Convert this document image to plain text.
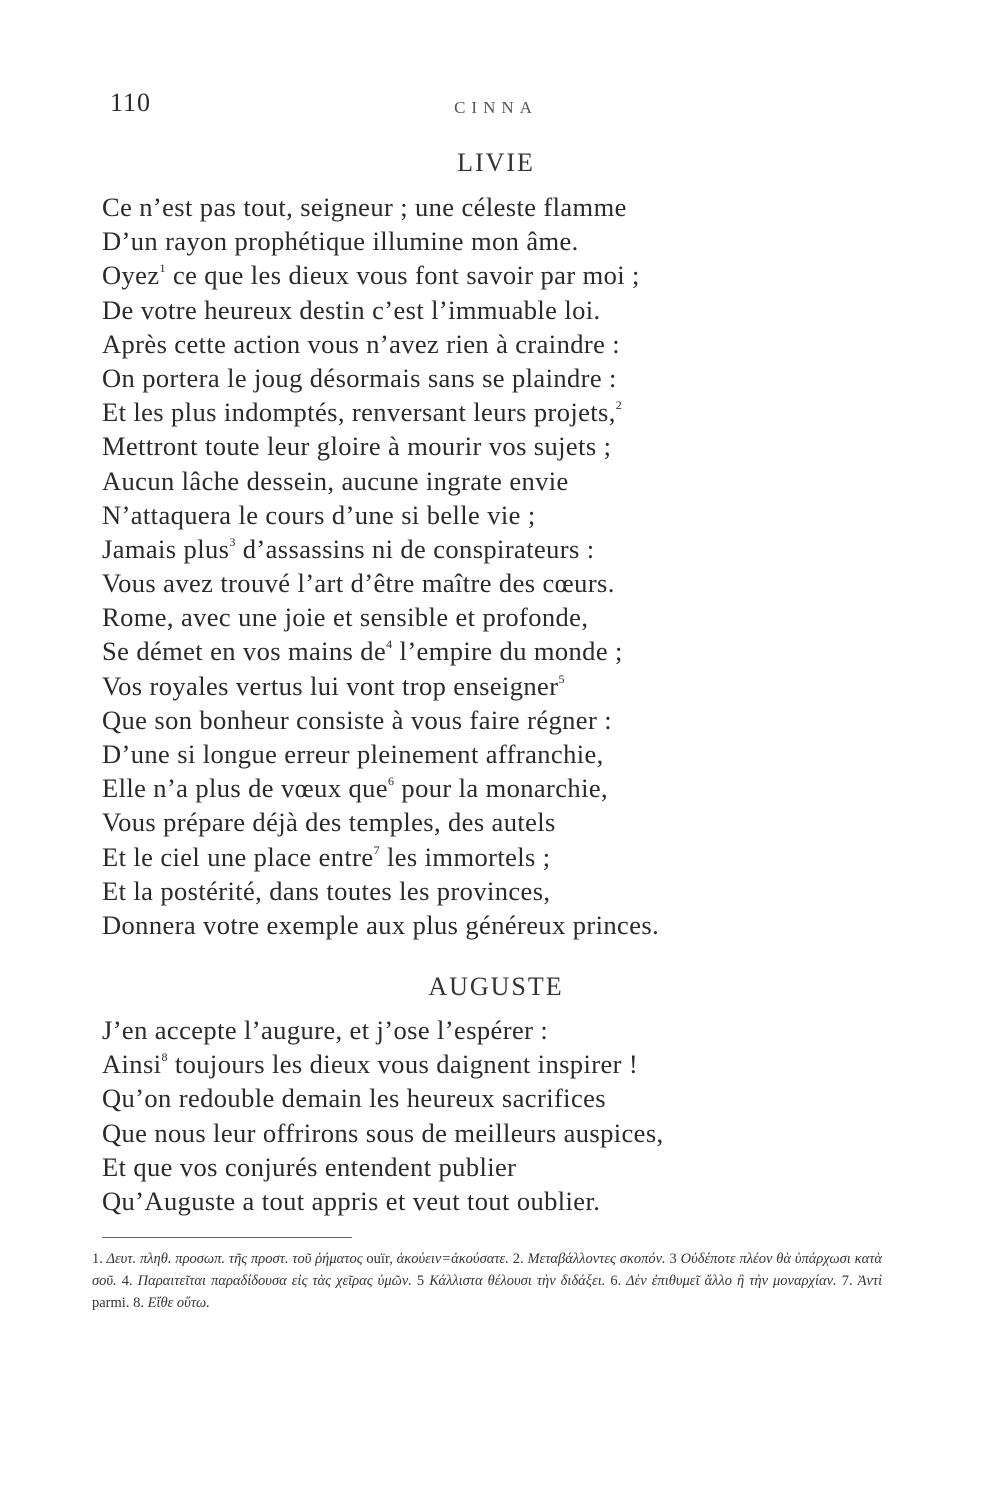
110	CINNA
LIVIE
Ce n’est pas tout, seigneur ; une céleste flamme
D’un rayon prophétique illumine mon âme.
Oyez$^1$ ce que les dieux vous font savoir par moi ;
De votre heureux destin c’est l’immuable loi.
Après cette action vous n’avez rien à craindre :
On portera le joug désormais sans se plaindre :
Et les plus indomptés, renversant leurs projets,$^2$
Mettront toute leur gloire à mourir vos sujets ;
Aucun lâche dessein, aucune ingrate envie
N’attaquera le cours d’une si belle vie ;
Jamais plus$^3$ d’assassins ni de conspirateurs :
Vous avez trouvé l’art d’être maître des cœurs.
Rome, avec une joie et sensible et profonde,
Se démet en vos mains $de^4$ l’empire du monde ;
Vos royales vertus lui vont trop enseigner$^5$
Que son bonheur consiste à vous faire régner :
D’une si longue erreur pleinement affranchie,
Elle n’a plus de vœux que$^6$ pour la monarchie,
Vous prépare déjà des temples, des autels
Et le ciel une place entre$^7$ les immortels ;
Et la postérité, dans toutes les provinces,
Donnera votre exemple aux plus généreux princes.
AUGUSTE
J’en accepte l’augure, et j’ose l’espérer :
Ainsi$^8$ toujours les dieux vous daignent inspirer !
Qu’on redouble demain les heureux sacrifices
Que nous leur offrirons sous de meilleurs auspices,
Et que vos conjurés entendent publier
Qu’Auguste a tout appris et veut tout oublier.
1. Δευτ. πληθ. προσωπ. τῆς προστ. τοῦ ῥήματος ouïr, ἀκούειν=ἀκούσατε. 2. Μεταβάλλοντες σκοπόν. 3 Οὐδέποτε πλέον θὰ ὑπάρχωσι κατὰ σοῦ. 4. Παραιτεῖται παραδίδουσα εἰς τὰς χεῖρας ὑμῶν. 5 Κάλλιστα θέλουσι τὴν διδάξει. 6. Δὲν ἐπιθυμεῖ ἄλλο ἢ τὴν μοναρχίαν. 7. Ἀντὶ parmi. 8. Εἴθε οὕτω.
